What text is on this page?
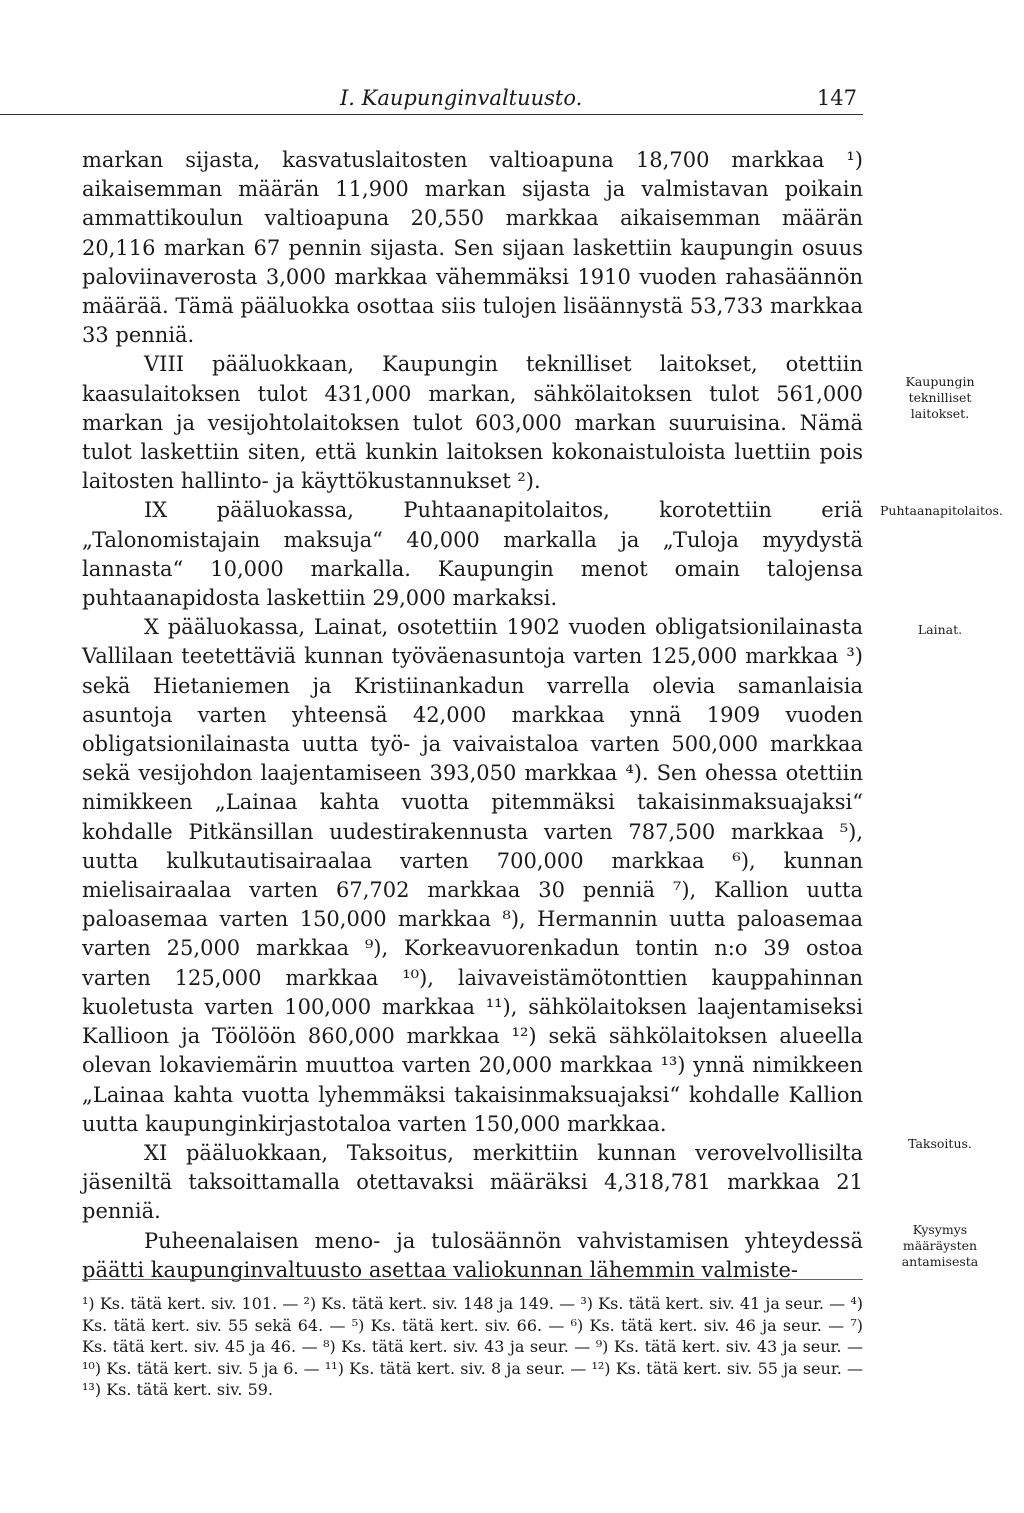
I. Kaupunginvaltuusto.	147

markan sijasta, kasvatuslaitosten valtioapuna 18,700 markkaa ¹) aikaisemman määrän 11,900 markan sijasta ja valmistavan poikain ammattikoulun valtioapuna 20,550 markkaa aikaisemman määrän 20,116 markan 67 pennin sijasta. Sen sijaan laskettiin kaupungin osuus paloviinaverosta 3,000 markkaa vähemmäksi 1910 vuoden rahasäännön määrää. Tämä pääluokka osottaa siis tulojen lisäännystä 53,733 markkaa 33 penniä.

VIII pääluokkaan, Kaupungin teknilliset laitokset, otettiin kaasulaitoksen tulot 431,000 markan, sähkölaitoksen tulot 561,000 markan ja vesijohtolaitoksen tulot 603,000 markan suuruisina. Nämä tulot laskettiin siten, että kunkin laitoksen kokonaistuloista luettiin pois laitosten hallinto- ja käyttökustannukset ²).

IX pääluokassa, Puhtaanapitolaitos, korotettiin eriä „Talonomistajain maksuja“ 40,000 markalla ja „Tuloja myydystä lannasta“ 10,000 markalla. Kaupungin menot omain talojensa puhtaanapidosta laskettiin 29,000 markaksi.

X pääluokassa, Lainat, osotettiin 1902 vuoden obligatsionilainasta Vallilaan teetettäviä kunnan työväenasuntoja varten 125,000 markkaa ³) sekä Hietaniemen ja Kristiinankadun varrella olevia samanlaisia asuntoja varten yhteensä 42,000 markkaa ynnä 1909 vuoden obligatsionilainasta uutta työ- ja vaivaistaloa varten 500,000 markkaa sekä vesijohdon laajentamiseen 393,050 markkaa ⁴). Sen ohessa otettiin nimikkeen „Lainaa kahta vuotta pitemmäksi takaisinmaksuajaksi“ kohdalle Pitkänsillan uudestirakennusta varten 787,500 markkaa ⁵), uutta kulkutautisairaalaa varten 700,000 markkaa ⁶), kunnan mielisairaalaa varten 67,702 markkaa 30 penniä ⁷), Kallion uutta paloasemaa varten 150,000 markkaa ⁸), Hermannin uutta paloasemaa varten 25,000 markkaa ⁹), Korkeavuorenkadun tontin n:o 39 ostoa varten 125,000 markkaa ¹⁰), laivaveistämötonttien kauppahinnan kuoletusta varten 100,000 markkaa ¹¹), sähkölaitoksen laajentamiseksi Kallioon ja Töölöön 860,000 markkaa ¹²) sekä sähkölaitoksen alueella olevan lokaviemärin muuttoa varten 20,000 markkaa ¹³) ynnä nimikkeen „Lainaa kahta vuotta lyhemmäksi takaisinmaksuajaksi“ kohdalle Kallion uutta kaupunginkirjastotaloa varten 150,000 markkaa.

XI pääluokkaan, Taksoitus, merkittiin kunnan verovelvollisilta jäseniltä taksoittamalla otettavaksi määräksi 4,318,781 markkaa 21 penniä.

Puheenalaisen meno- ja tulosäännön vahvistamisen yhteydessä päätti kaupunginvaltuusto asettaa valiokunnan lähemmin valmiste-

Kaupungin teknilliset laitokset.
Puhtaanapitolaitos.
Lainat.
Taksoitus.
Kysymys määräysten antamisesta
¹) Ks. tätä kert. siv. 101. — ²) Ks. tätä kert. siv. 148 ja 149. — ³) Ks. tätä kert. siv. 41 ja seur. — ⁴) Ks. tätä kert. siv. 55 sekä 64. — ⁵) Ks. tätä kert. siv. 66. — ⁶) Ks. tätä kert. siv. 46 ja seur. — ⁷) Ks. tätä kert. siv. 45 ja 46. — ⁸) Ks. tätä kert. siv. 43 ja seur. — ⁹) Ks. tätä kert. siv. 43 ja seur. — ¹⁰) Ks. tätä kert. siv. 5 ja 6. — ¹¹) Ks. tätä kert. siv. 8 ja seur. — ¹²) Ks. tätä kert. siv. 55 ja seur. — ¹³) Ks. tätä kert. siv. 59.
